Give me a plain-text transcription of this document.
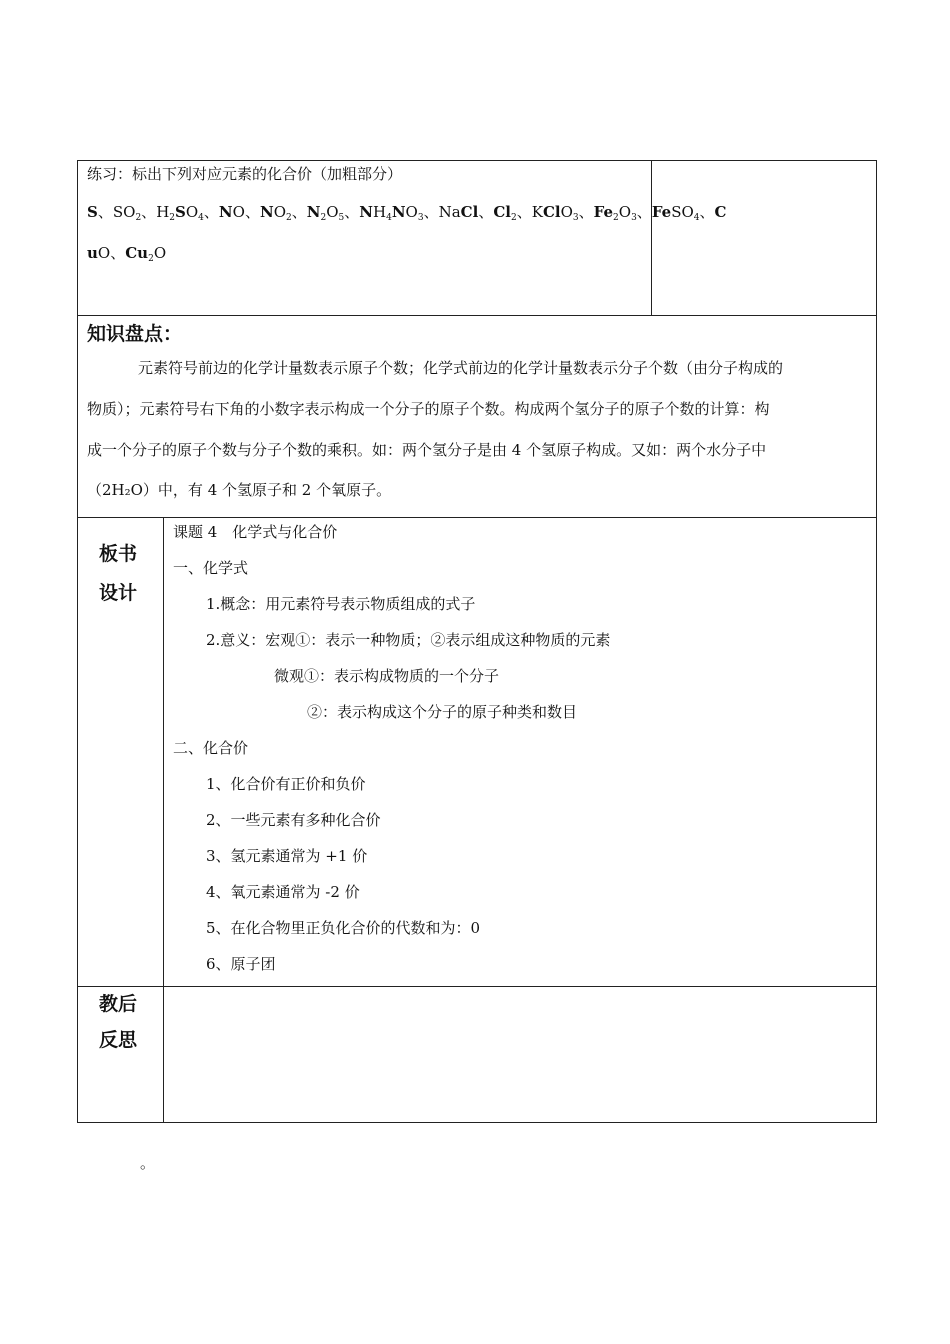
练习：标出下列对应元素的化合价（加粗部分）
S、$SO_2$、$H_2SO_4$、NO、$NO_2$、$N_2O_5$、$NH_4NO_3$、NaCl、$Cl_2$、KClO$_3$、$Fe_2O_3$、FeSO$_4$、C
uO、$Cu_2O$
知识盘点：
元素符号前边的化学计量数表示原子个数；化学式前边的化学计量数表示分子个数（由分子构成的
物质）；元素符号右下角的小数字表示构成一个分子的原子个数。构成两个氢分子的原子个数的计算：构
成一个分子的原子个数与分子个数的乘积。如：两个氢分子是由 4 个氢原子构成。又如：两个水分子中
（2H₂O）中，有 4 个氢原子和 2 个氧原子。
板书
设计
课题 4　化学式与化合价
一、化学式
1.概念：用元素符号表示物质组成的式子
2.意义：宏观①：表示一种物质；②表示组成这种物质的元素
微观①：表示构成物质的一个分子
②：表示构成这个分子的原子种类和数目
二、化合价
1、化合价有正价和负价
2、一些元素有多种化合价
3、氢元素通常为 +1 价
4、氧元素通常为 -2 价
5、在化合物里正负化合价的代数和为：0
6、原子团
教后
反思
。
